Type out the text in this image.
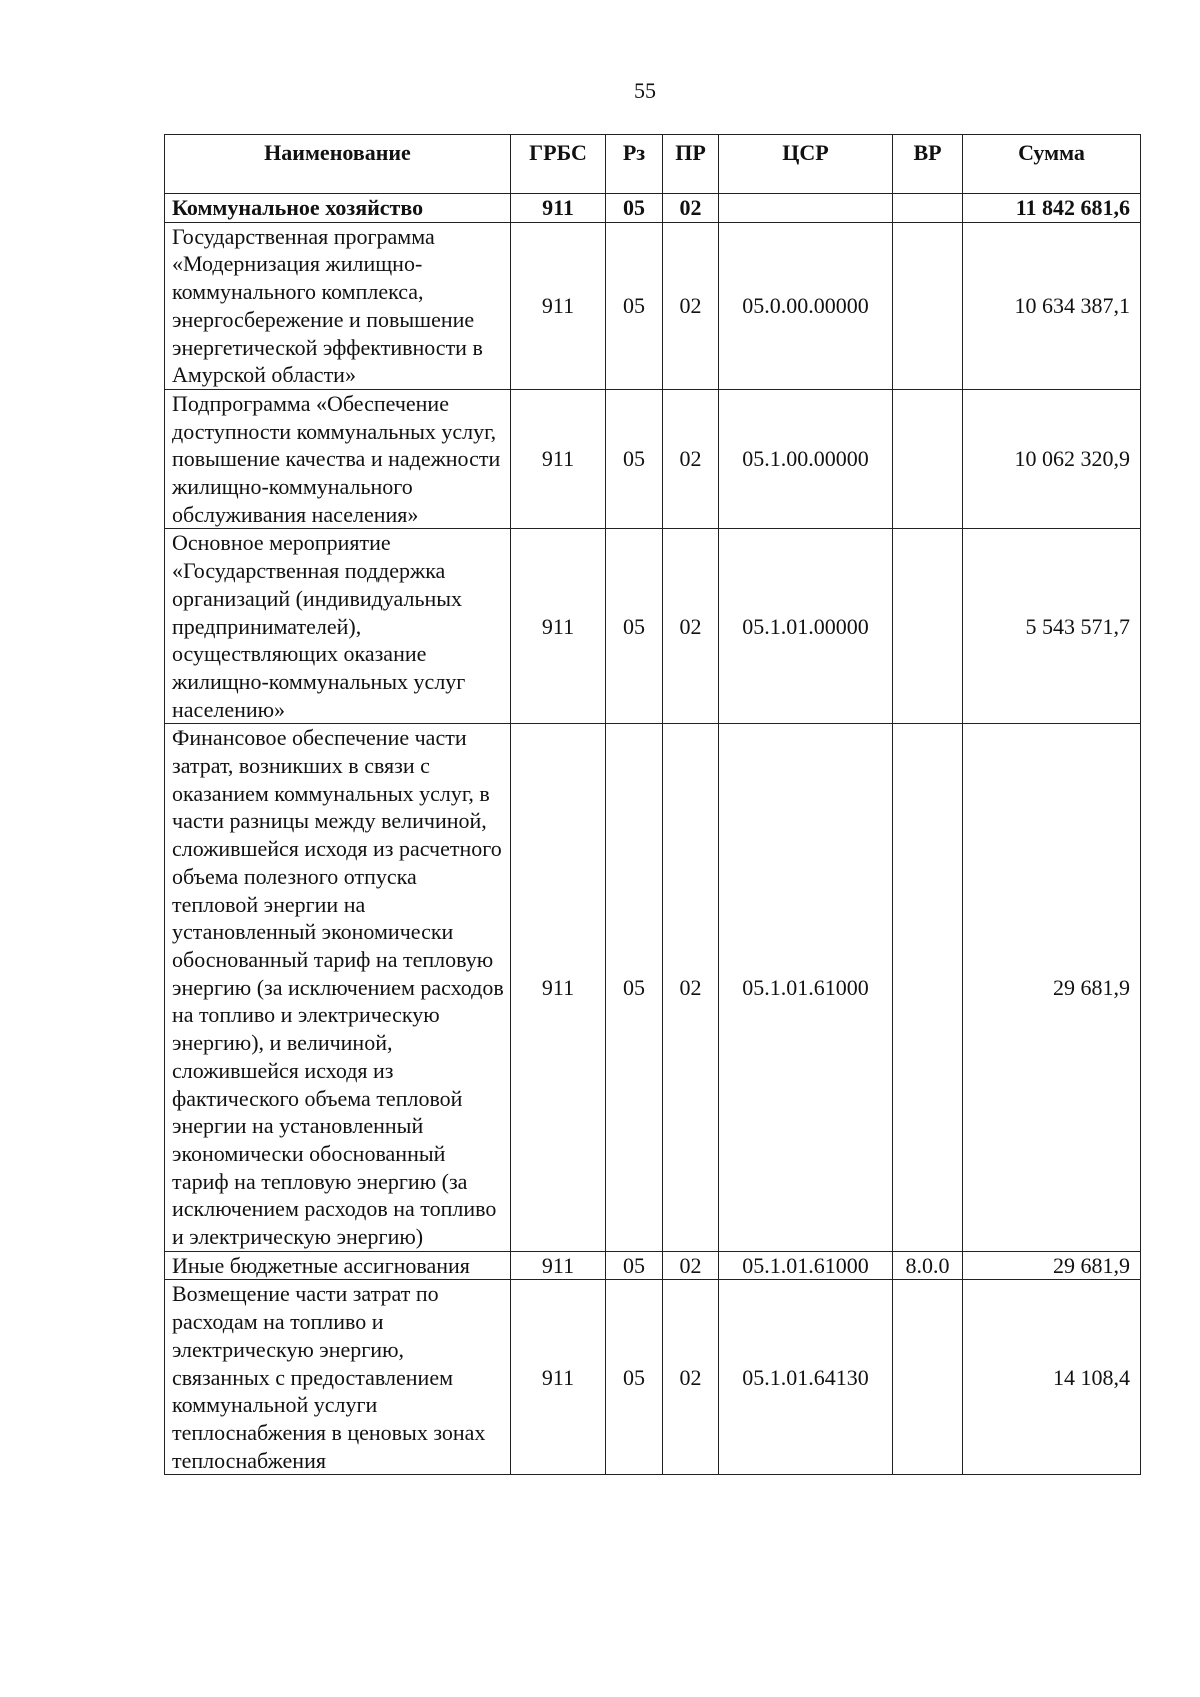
55
Наименование	ГРБС	Рз	ПР	ЦСР	ВР	Сумма
Коммунальное хозяйство	911	05	02			11 842 681,6
Государственная программа «Модернизация жилищно-коммунального комплекса, энергосбережение и повышение энергетической эффективности в Амурской области»	911	05	02	05.0.00.00000		10 634 387,1
Подпрограмма «Обеспечение доступности коммунальных услуг, повышение качества и надежности жилищно-коммунального обслуживания населения»	911	05	02	05.1.00.00000		10 062 320,9
Основное мероприятие «Государственная поддержка организаций (индивидуальных предпринимателей), осуществляющих оказание жилищно-коммунальных услуг населению»	911	05	02	05.1.01.00000		5 543 571,7
Финансовое обеспечение части затрат, возникших в связи с оказанием коммунальных услуг, в части разницы между величиной, сложившейся исходя из расчетного объема полезного отпуска тепловой энергии на установленный экономически обоснованный тариф на тепловую энергию (за исключением расходов на топливо и электрическую энергию), и величиной, сложившейся исходя из фактического объема тепловой энергии на установленный экономически обоснованный тариф на тепловую энергию (за исключением расходов на топливо и электрическую энергию)	911	05	02	05.1.01.61000		29 681,9
Иные бюджетные ассигнования	911	05	02	05.1.01.61000	8.0.0	29 681,9
Возмещение части затрат по расходам на топливо и электрическую энергию, связанных с предоставлением коммунальной услуги теплоснабжения в ценовых зонах теплоснабжения	911	05	02	05.1.01.64130		14 108,4
